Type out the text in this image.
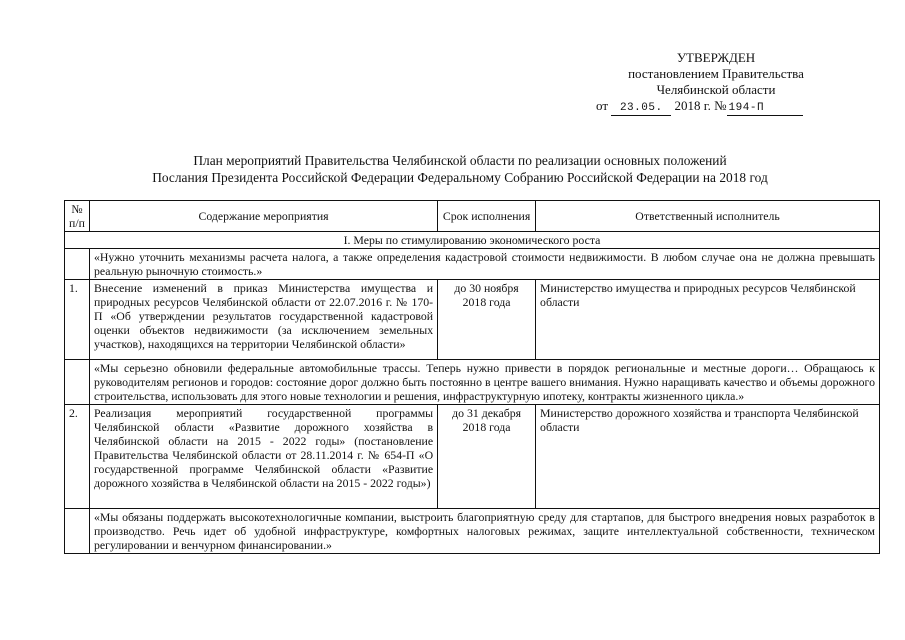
УТВЕРЖДЕН
постановлением Правительства
Челябинской области
от 23.05. 2018 г. № 194-П
План мероприятий Правительства Челябинской области по реализации основных положений
Послания Президента Российской Федерации Федеральному Собранию Российской Федерации на 2018 год
№ п/п	Содержание мероприятия	Срок исполнения	Ответственный исполнитель
I. Меры по стимулированию экономического роста			
	«Нужно уточнить механизмы расчета налога, а также определения кадастровой стоимости недвижимости. В любом случае она не должна превышать реальную рыночную стоимость.»		
1.	Внесение изменений в приказ Министерства имущества и природных ресурсов Челябинской области от 22.07.2016 г. № 170-П «Об утверждении результатов государственной кадастровой оценки объектов недвижимости (за исключением земельных участков), находящихся на территории Челябинской области»	до 30 ноября 2018 года	Министерство имущества и природных ресурсов Челябинской области
	«Мы серьезно обновили федеральные автомобильные трассы. Теперь нужно привести в порядок региональные и местные дороги… Обращаюсь к руководителям регионов и городов: состояние дорог должно быть постоянно в центре вашего внимания. Нужно наращивать качество и объемы дорожного строительства, использовать для этого новые технологии и решения, инфраструктурную ипотеку, контракты жизненного цикла.»		
2.	Реализация мероприятий государственной программы Челябинской области «Развитие дорожного хозяйства в Челябинской области на 2015 - 2022 годы» (постановление Правительства Челябинской области от 28.11.2014 г. № 654-П «О государственной программе Челябинской области «Развитие дорожного хозяйства в Челябинской области на 2015 - 2022 годы»)	до 31 декабря 2018 года	Министерство дорожного хозяйства и транспорта Челябинской области
	«Мы обязаны поддержать высокотехнологичные компании, выстроить благоприятную среду для стартапов, для быстрого внедрения новых разработок в производство. Речь идет об удобной инфраструктуре, комфортных налоговых режимах, защите интеллектуальной собственности, техническом регулировании и венчурном финансировании.»		
